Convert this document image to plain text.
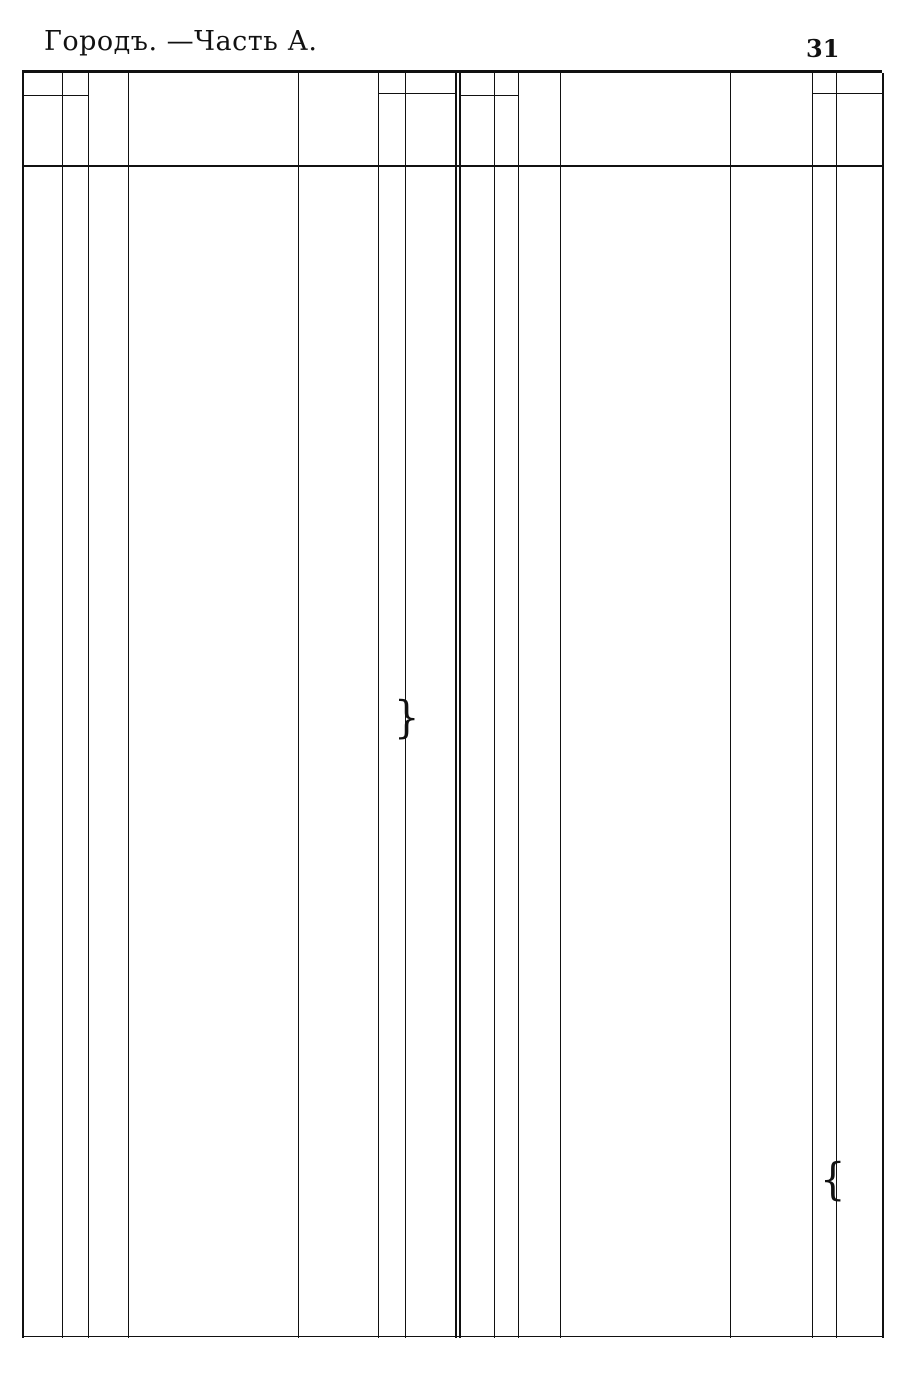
Городъ. —Часть А.	31
}
{
